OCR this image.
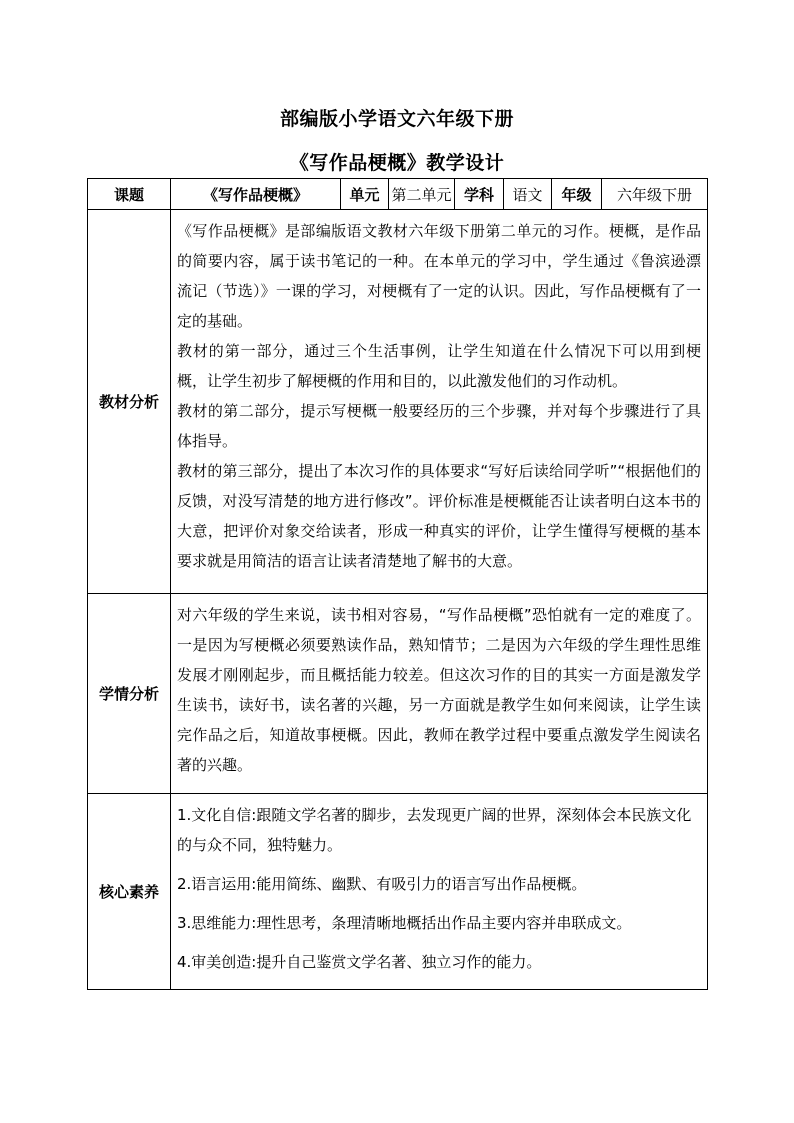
部编版小学语文六年级下册
《写作品梗概》教学设计
课题	《写作品梗概》	单元	第二单元	学科	语文	年级	六年级下册
教材分析	《写作品梗概》是部编版语文教材六年级下册第二单元的习作。梗概，是作品的简要内容，属于读书笔记的一种。在本单元的学习中，学生通过《鲁滨逊漂流记（节选）》一课的学习，对梗概有了一定的认识。因此，写作品梗概有了一定的基础。

教材的第一部分，通过三个生活事例，让学生知道在什么情况下可以用到梗概，让学生初步了解梗概的作用和目的，以此激发他们的习作动机。

教材的第二部分，提示写梗概一般要经历的三个步骤，并对每个步骤进行了具体指导。

教材的第三部分，提出了本次习作的具体要求“写好后读给同学听”“根据他们的反馈，对没写清楚的地方进行修改”。评价标准是梗概能否让读者明白这本书的大意，把评价对象交给读者，形成一种真实的评价，让学生懂得写梗概的基本要求就是用简洁的语言让读者清楚地了解书的大意。						

学情分析	对六年级的学生来说，读书相对容易，“写作品梗概”恐怕就有一定的难度了。一是因为写梗概必须要熟读作品，熟知情节；二是因为六年级的学生理性思维发展才刚刚起步，而且概括能力较差。但这次习作的目的其实一方面是激发学生读书，读好书，读名著的兴趣，另一方面就是教学生如何来阅读，让学生读完作品之后，知道故事梗概。因此，教师在教学过程中要重点激发学生阅读名著的兴趣。						

核心素养	1.文化自信:跟随文学名著的脚步，去发现更广阔的世界，深刻体会本民族文化的与众不同，独特魅力。

2.语言运用:能用简练、幽默、有吸引力的语言写出作品梗概。

3.思维能力:理性思考，条理清晰地概括出作品主要内容并串联成文。

4.审美创造:提升自己鉴赏文学名著、独立习作的能力。						
